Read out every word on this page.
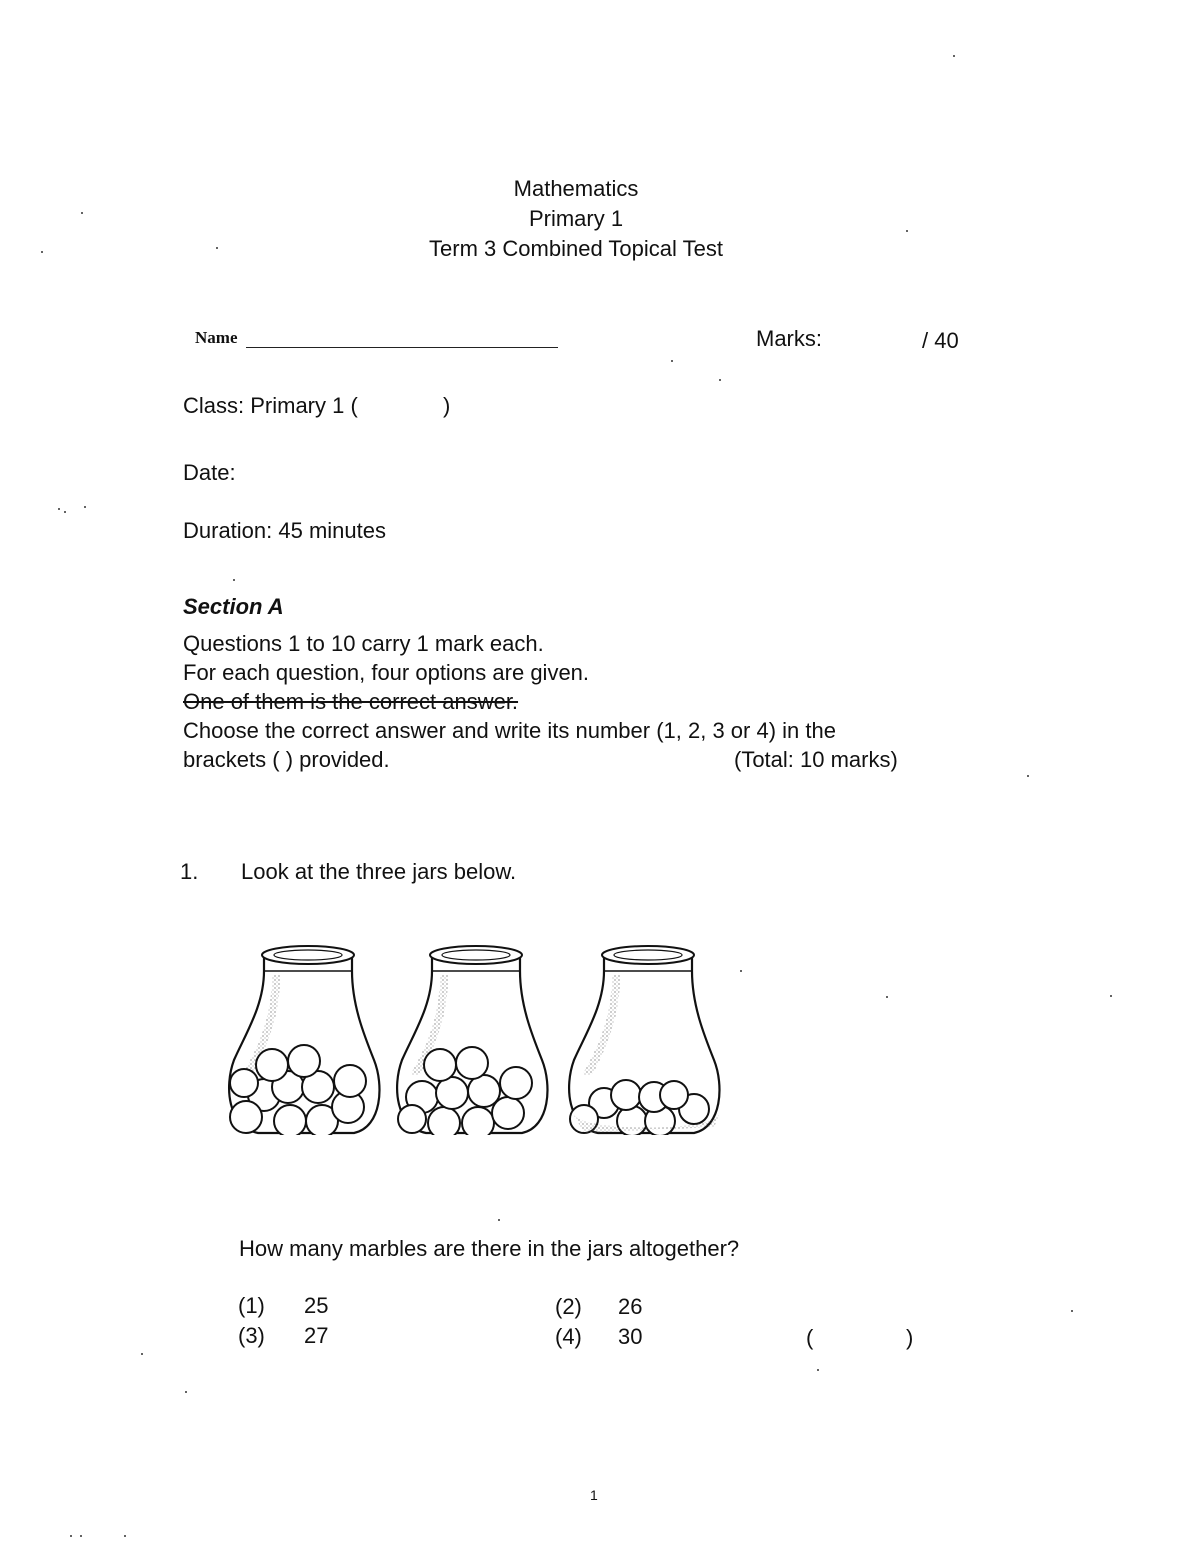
Mathematics
Primary 1
Term 3 Combined Topical Test
Name	Marks:	/ 40
Class: Primary 1 (	)
Date:
Duration: 45 minutes
Section A
Questions 1 to 10 carry 1 mark each.
For each question, four options are given.
One of them is the correct answer.
Choose the correct answer and write its number (1, 2, 3 or 4) in the
brackets ( ) provided.	(Total: 10 marks)
1. Look at the three jars below.
How many marbles are there in the jars altogether?
(1) 25	(2) 26
(3) 27	(4) 30	(	)
1
